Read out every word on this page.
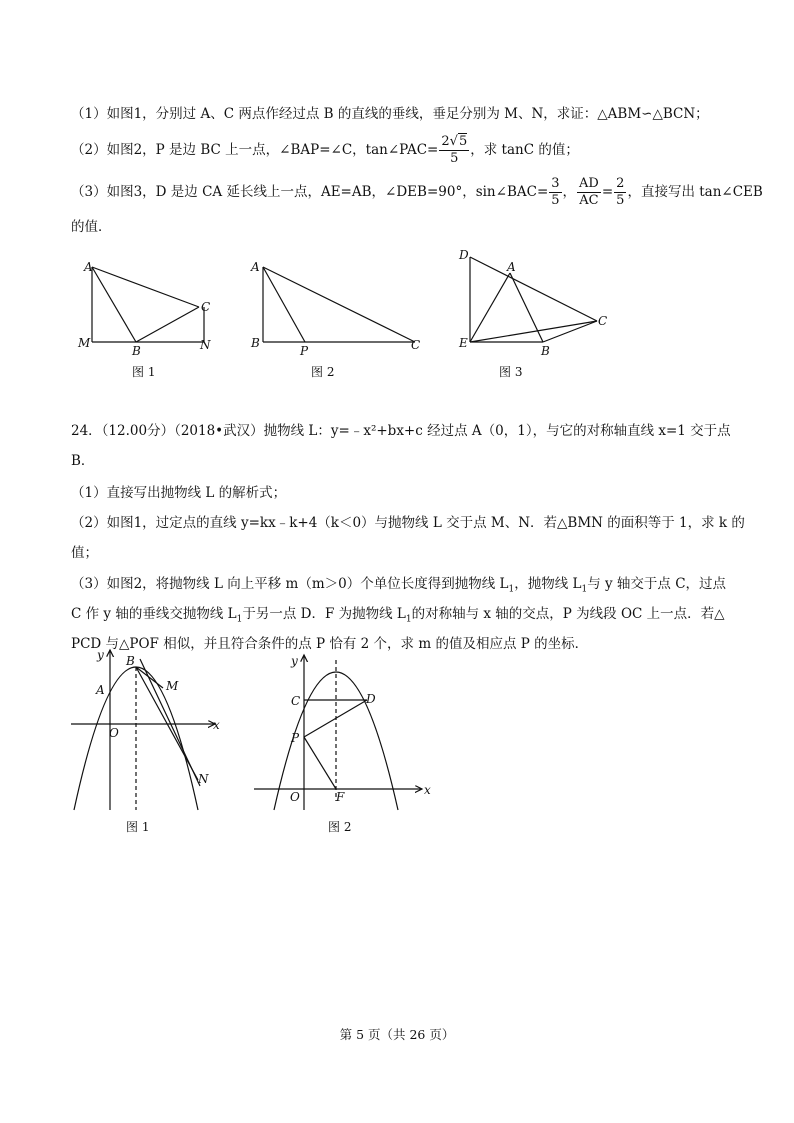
（1）如图1，分别过 A、C 两点作经过点 B 的直线的垂线，垂足分别为 M、N，求证：△ABM∽△BCN；
（2）如图2，P 是边 BC 上一点，∠BAP=∠C，tan∠PAC= $\frac{2√5}{5}$ ，求 tanC 的值；
（3）如图3，D 是边 CA 延长线上一点，AE=AB，∠DEB=90°，sin∠BAC= $\frac{3}{5}$ ， $\frac{AD}{AC} = \frac{2}{5}$ ，直接写出 tan∠CEB
的值．
A
C
M
B	N
图 1
A
B
P	C
图 2
D
A
C
E
B
图 3
24．（12.00分）（2018•武汉）抛物线 L：y=﹣x²+bx+c 经过点 A（0，1），与它的对称轴直线 x=1 交于点
B．
（1）直接写出抛物线 L 的解析式；
（2）如图1，过定点的直线 y=kx﹣k+4（k＜0）与抛物线 L 交于点 M、N．若△BMN 的面积等于 1，求 k 的
值；
（3）如图2，将抛物线 L 向上平移 m（m＞0）个单位长度得到抛物线 $L_1$，抛物线 $L_1$与 y 轴交于点 C，过点
C 作 y 轴的垂线交抛物线 $L_1$于另一点 D．F 为抛物线 $L_1$的对称轴与 x 轴的交点，P 为线段 OC 上一点．若△
PCD 与△POF 相似，并且符合条件的点 P 恰有 2 个，求 m 的值及相应点 P 的坐标．
y B
M
A
O
x
N
图 1
y
C	D
P
O	F	x
图 2
第 5 页（共 26 页）
